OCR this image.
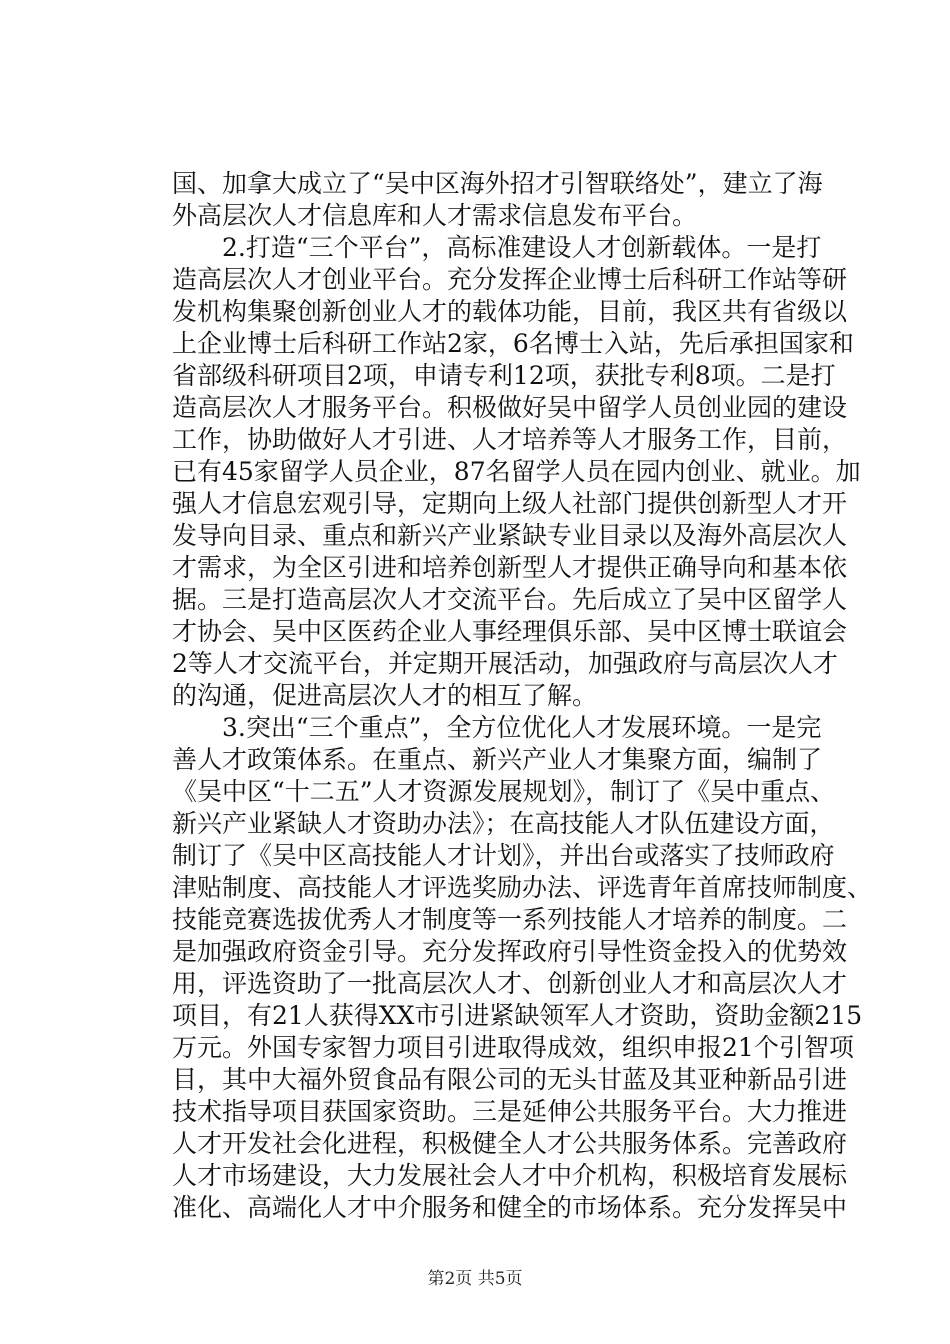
国、加拿大成立了“吴中区海外招才引智联络处”，建立了海
外高层次人才信息库和人才需求信息发布平台。
　　2.打造“三个平台”，高标准建设人才创新载体。一是打
造高层次人才创业平台。充分发挥企业博士后科研工作站等研
发机构集聚创新创业人才的载体功能，目前，我区共有省级以
上企业博士后科研工作站2家，6名博士入站，先后承担国家和
省部级科研项目2项，申请专利12项，获批专利8项。二是打
造高层次人才服务平台。积极做好吴中留学人员创业园的建设
工作，协助做好人才引进、人才培养等人才服务工作，目前，
已有45家留学人员企业，87名留学人员在园内创业、就业。加
强人才信息宏观引导，定期向上级人社部门提供创新型人才开
发导向目录、重点和新兴产业紧缺专业目录以及海外高层次人
才需求，为全区引进和培养创新型人才提供正确导向和基本依
据。三是打造高层次人才交流平台。先后成立了吴中区留学人
才协会、吴中区医药企业人事经理俱乐部、吴中区博士联谊会
2等人才交流平台，并定期开展活动，加强政府与高层次人才
的沟通，促进高层次人才的相互了解。
　　3.突出“三个重点”，全方位优化人才发展环境。一是完
善人才政策体系。在重点、新兴产业人才集聚方面，编制了
《吴中区“十二五”人才资源发展规划》，制订了《吴中重点、
新兴产业紧缺人才资助办法》；在高技能人才队伍建设方面，
制订了《吴中区高技能人才计划》，并出台或落实了技师政府
津贴制度、高技能人才评选奖励办法、评选青年首席技师制度、
技能竞赛选拔优秀人才制度等一系列技能人才培养的制度。二
是加强政府资金引导。充分发挥政府引导性资金投入的优势效
用，评选资助了一批高层次人才、创新创业人才和高层次人才
项目，有21人获得XX市引进紧缺领军人才资助，资助金额215
万元。外国专家智力项目引进取得成效，组织申报21个引智项
目，其中大福外贸食品有限公司的无头甘蓝及其亚种新品引进
技术指导项目获国家资助。三是延伸公共服务平台。大力推进
人才开发社会化进程，积极健全人才公共服务体系。完善政府
人才市场建设，大力发展社会人才中介机构，积极培育发展标
准化、高端化人才中介服务和健全的市场体系。充分发挥吴中
第2页 共5页
